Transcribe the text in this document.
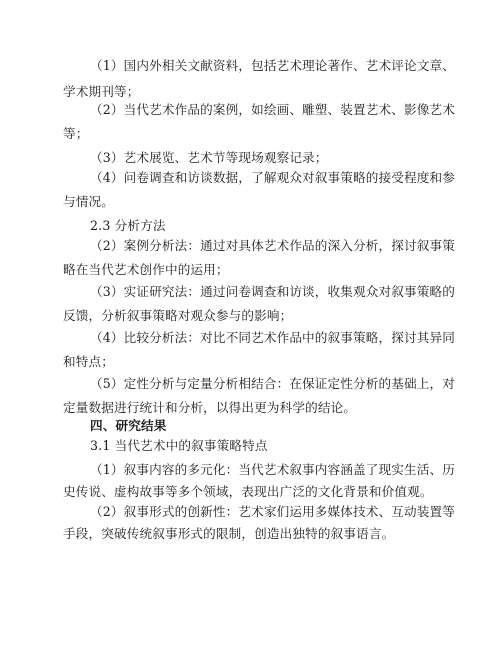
（1）国内外相关文献资料，包括艺术理论著作、艺术评论文章、
学术期刊等；
（2）当代艺术作品的案例，如绘画、雕塑、装置艺术、影像艺术
等；
（3）艺术展览、艺术节等现场观察记录；
（4）问卷调查和访谈数据，了解观众对叙事策略的接受程度和参
与情况。
2.3 分析方法
（2）案例分析法：通过对具体艺术作品的深入分析，探讨叙事策
略在当代艺术创作中的运用；
（3）实证研究法：通过问卷调查和访谈，收集观众对叙事策略的
反馈，分析叙事策略对观众参与的影响；
（4）比较分析法：对比不同艺术作品中的叙事策略，探讨其异同
和特点；
（5）定性分析与定量分析相结合：在保证定性分析的基础上，对
定量数据进行统计和分析，以得出更为科学的结论。
四、研究结果
3.1 当代艺术中的叙事策略特点
（1）叙事内容的多元化：当代艺术叙事内容涵盖了现实生活、历
史传说、虚构故事等多个领域，表现出广泛的文化背景和价值观。
（2）叙事形式的创新性：艺术家们运用多媒体技术、互动装置等
手段，突破传统叙事形式的限制，创造出独特的叙事语言。
